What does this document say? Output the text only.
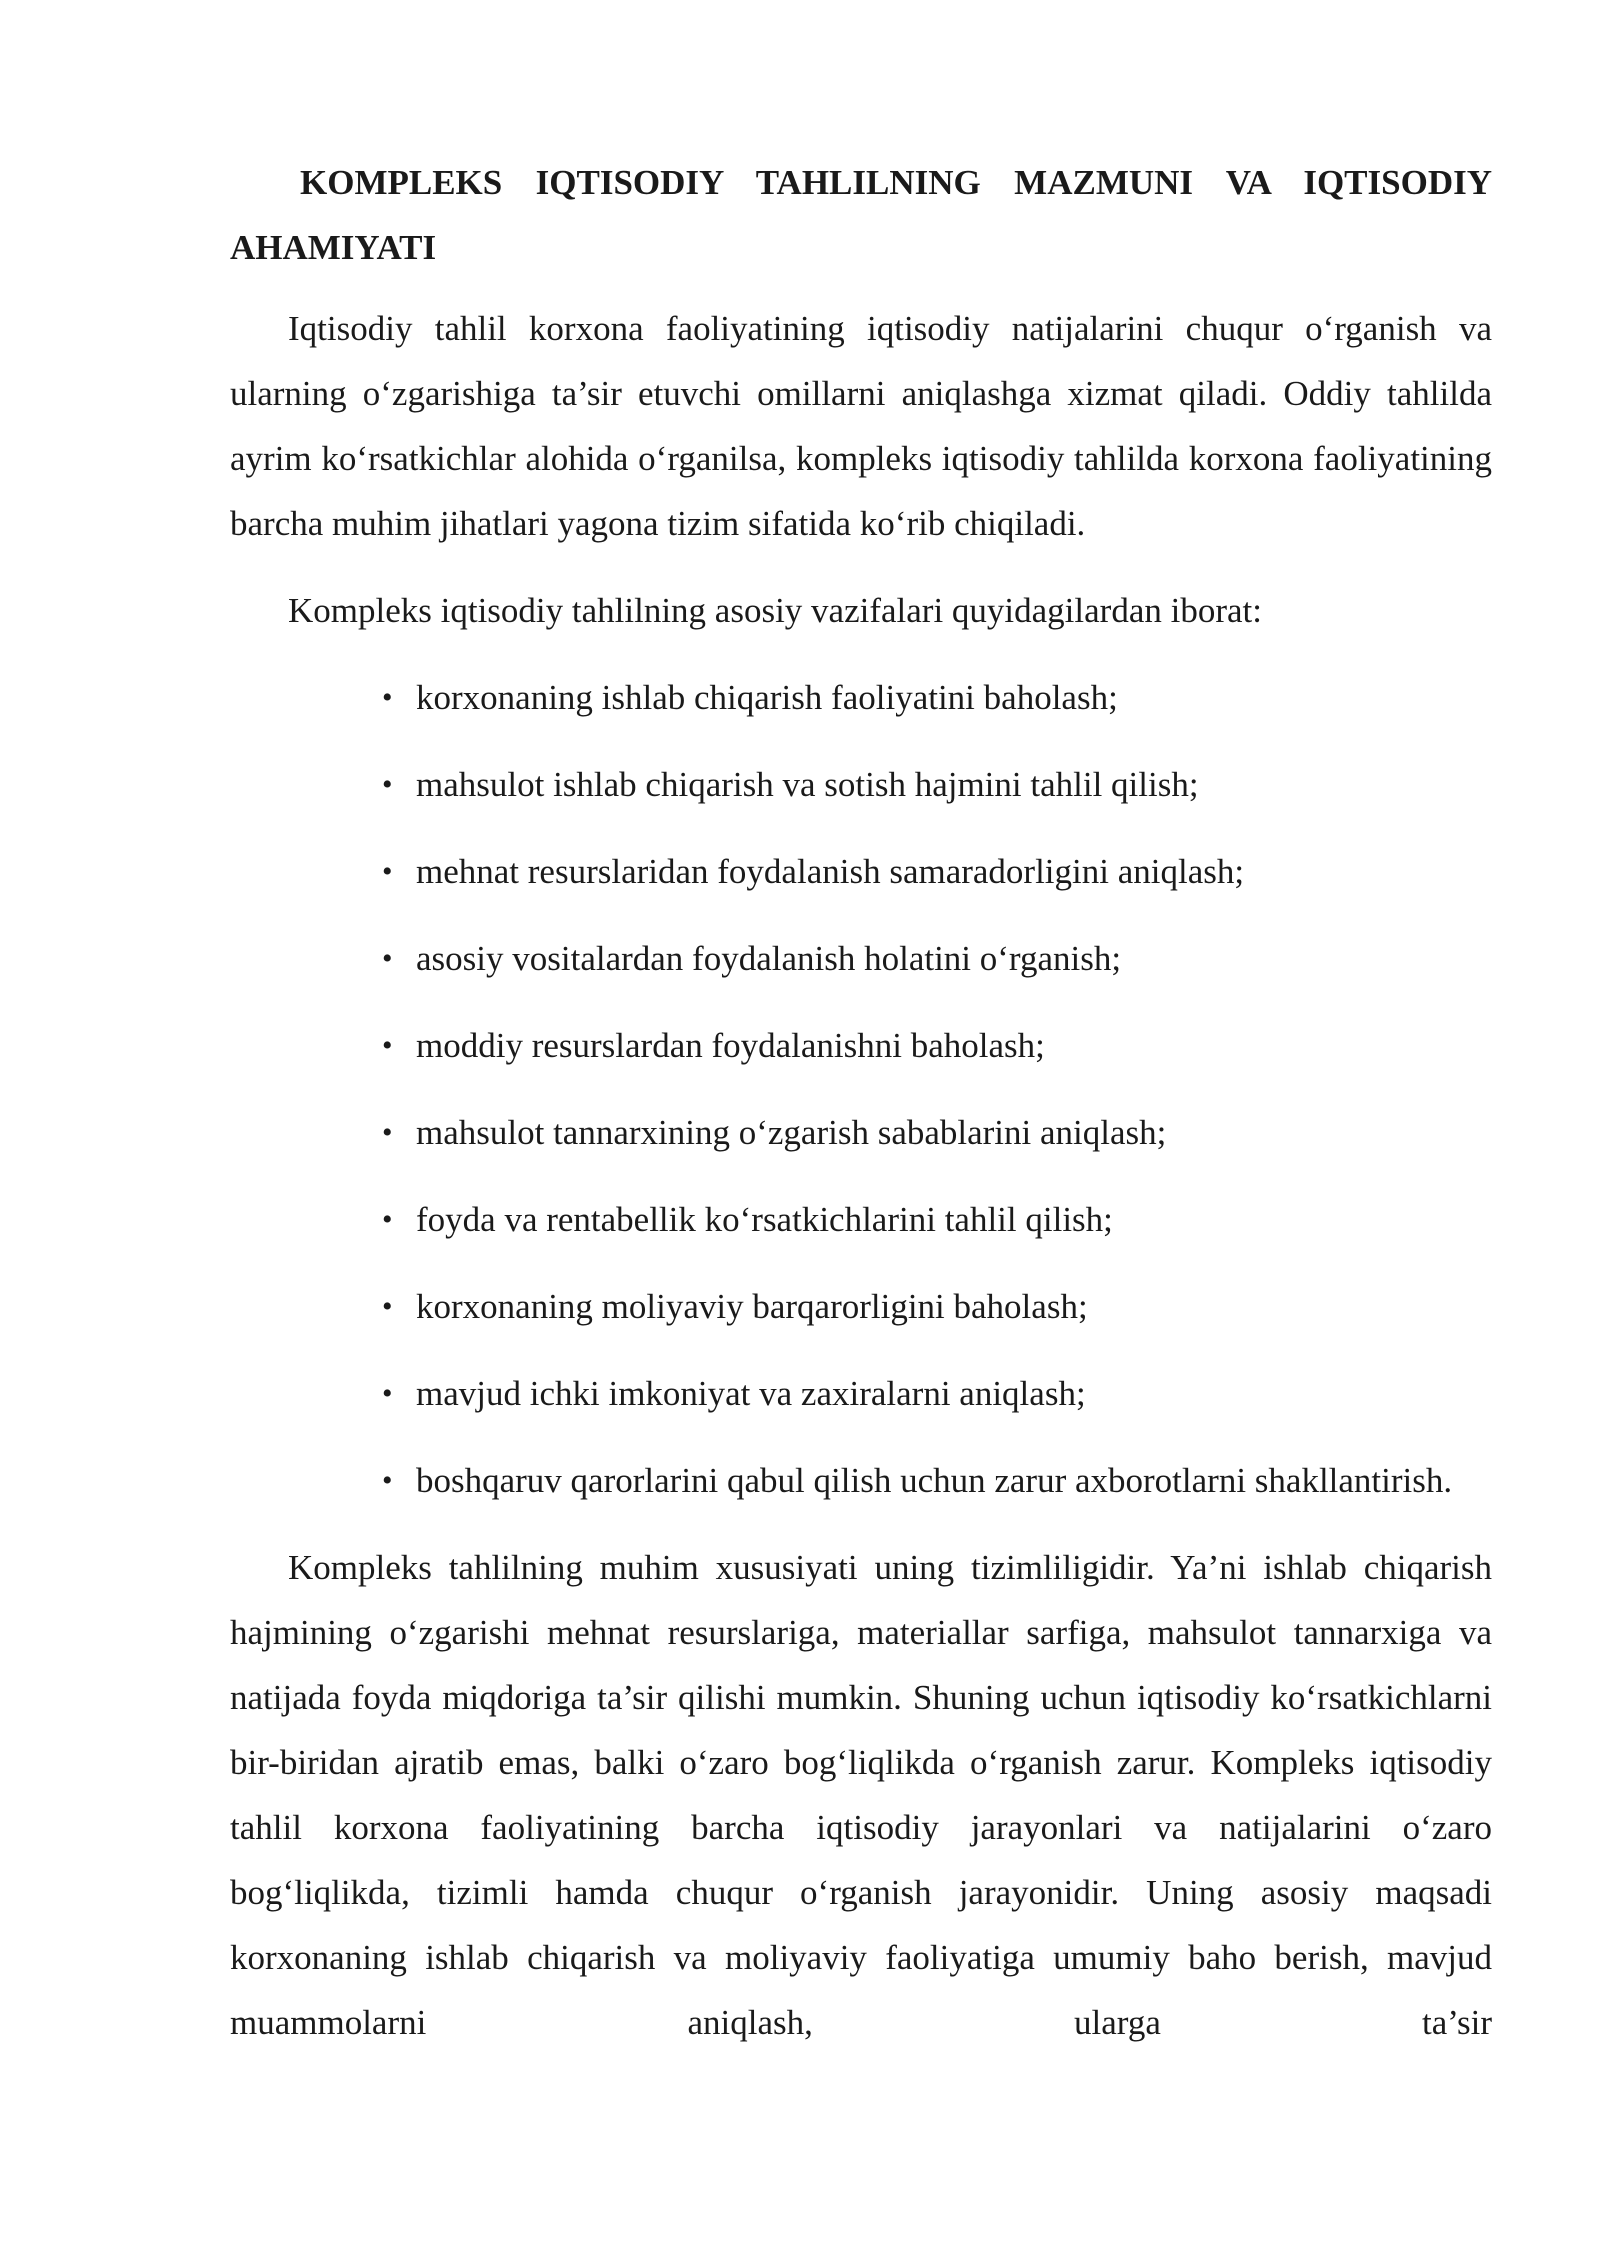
KOMPLEKS IQTISODIY TAHLILNING MAZMUNI VA IQTISODIY AHAMIYATI

Iqtisodiy tahlil korxona faoliyatining iqtisodiy natijalarini chuqur o‘rganish va ularning o‘zgarishiga ta’sir etuvchi omillarni aniqlashga xizmat qiladi. Oddiy tahlilda ayrim ko‘rsatkichlar alohida o‘rganilsa, kompleks iqtisodiy tahlilda korxona faoliyatining barcha muhim jihatlari yagona tizim sifatida ko‘rib chiqiladi.

Kompleks iqtisodiy tahlilning asosiy vazifalari quyidagilardan iborat:

• korxonaning ishlab chiqarish faoliyatini baholash;
• mahsulot ishlab chiqarish va sotish hajmini tahlil qilish;
• mehnat resurslaridan foydalanish samaradorligini aniqlash;
• asosiy vositalardan foydalanish holatini o‘rganish;
• moddiy resurslardan foydalanishni baholash;
• mahsulot tannarxining o‘zgarish sabablarini aniqlash;
• foyda va rentabellik ko‘rsatkichlarini tahlil qilish;
• korxonaning moliyaviy barqarorligini baholash;
• mavjud ichki imkoniyat va zaxiralarni aniqlash;
• boshqaruv qarorlarini qabul qilish uchun zarur axborotlarni shakllantirish.

Kompleks tahlilning muhim xususiyati uning tizimliligidir. Ya’ni ishlab chiqarish hajmining o‘zgarishi mehnat resurslariga, materiallar sarfiga, mahsulot tannarxiga va natijada foyda miqdoriga ta’sir qilishi mumkin. Shuning uchun iqtisodiy ko‘rsatkichlarni bir-biridan ajratib emas, balki o‘zaro bog‘liqlikda o‘rganish zarur. Kompleks iqtisodiy tahlil korxona faoliyatining barcha iqtisodiy jarayonlari va natijalarini o‘zaro bog‘liqlikda, tizimli hamda chuqur o‘rganish jarayonidir. Uning asosiy maqsadi korxonaning ishlab chiqarish va moliyaviy faoliyatiga umumiy baho berish, mavjud muammolarni aniqlash, ularga ta’sir
